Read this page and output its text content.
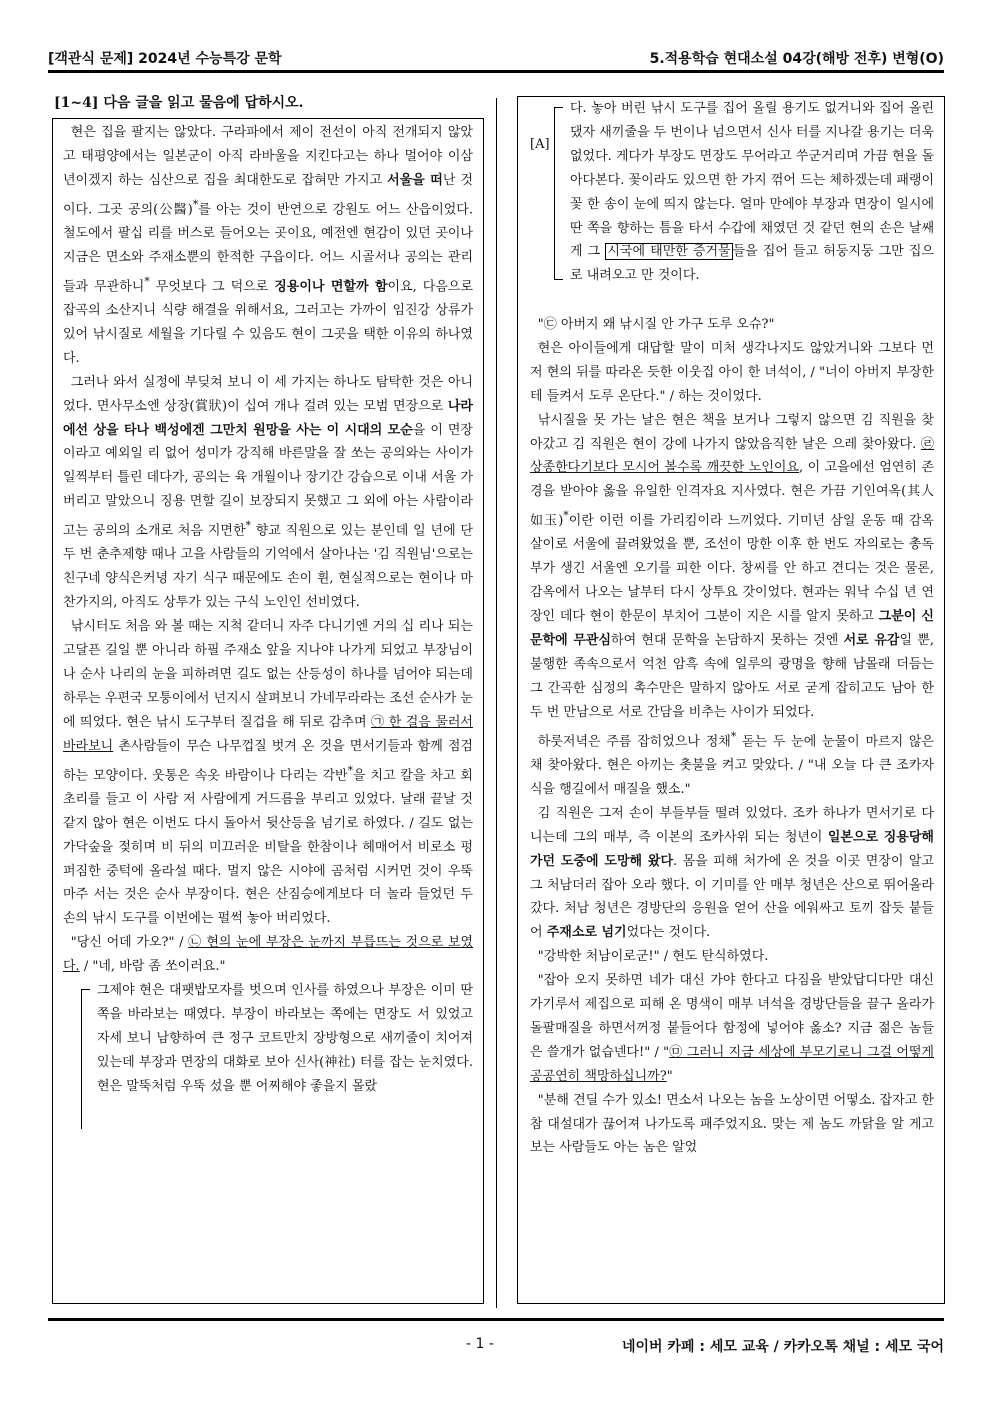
[객관식 문제] 2024년 수능특강 문학	5.적용학습 현대소설 04강(해방 전후) 변형(O)
[1~4] 다음 글을 읽고 물음에 답하시오.

현은 집을 팔지는 않았다. 구라파에서 제이 전선이 아직 전개되지 않았고 태평양에서는 일본군이 아직 라바울을 지킨다고는 하나 멀어야 이삼 년이겠지 하는 심산으로 집을 최대한도로 잡혀만 가지고 서울을 떠난 것이다. 그곳 공의(公醫)*를 아는 것이 반연으로 강원도 어느 산읍이었다. 철도에서 팔십 리를 버스로 들어오는 곳이요, 예전엔 현감이 있던 곳이나 지금은 면소와 주재소뿐의 한적한 구읍이다. 어느 시골서나 공의는 관리들과 무관하니* 무엇보다 그 덕으로 징용이나 면할까 함이요, 다음으로 잡곡의 소산지니 식량 해결을 위해서요, 그러고는 가까이 임진강 상류가 있어 낚시질로 세월을 기다릴 수 있음도 현이 그곳을 택한 이유의 하나였다.

그러나 와서 실정에 부딪쳐 보니 이 세 가지는 하나도 탐탁한 것은 아니었다. 면사무소엔 상장(賞狀)이 십여 개나 걸려 있는 모범 면장으로 나라에선 상을 타나 백성에겐 그만치 원망을 사는 이 시대의 모순을 이 면장이라고 예외일 리 없어 성미가 강직해 바른말을 잘 쏘는 공의와는 사이가 일찍부터 틀린 데다가, 공의는 육 개월이나 장기간 강습으로 이내 서울 가 버리고 말았으니 징용 면할 길이 보장되지 못했고 그 외에 아는 사람이라고는 공의의 소개로 처음 지면한* 향교 직원으로 있는 분인데 일 년에 단 두 번 춘추제향 때나 고을 사람들의 기억에서 살아나는 '김 직원님'으로는 친구네 양식은커녕 자기 식구 때문에도 손이 휜, 현실적으로는 현이나 마찬가지의, 아직도 상투가 있는 구식 노인인 선비였다.

낚시터도 처음 와 볼 때는 지척 같더니 자주 다니기엔 거의 십 리나 되는 고달픈 길일 뿐 아니라 하필 주재소 앞을 지나야 나가게 되었고 부장님이나 순사 나리의 눈을 피하려면 길도 없는 산등성이 하나를 넘어야 되는데 하루는 우편국 모퉁이에서 넌지시 살펴보니 가네무라라는 조선 순사가 눈에 띄었다. 현은 낚시 도구부터 질겁을 해 뒤로 감추며 ㉠ 한 걸음 물러서 바라보니 촌사람들이 무슨 나무껍질 벗겨 온 것을 면서기들과 함께 점검하는 모양이다. 웃통은 속옷 바람이나 다리는 각반*을 치고 칼을 차고 회초리를 들고 이 사람 저 사람에게 거드름을 부리고 있었다. 날래 끝날 것 같지 않아 현은 이번도 다시 돌아서 뒷산등을 넘기로 하였다. / 길도 없는 가닥숲을 젖히며 비 뒤의 미끄러운 비탈을 한참이나 헤매어서 비로소 펑퍼짐한 중턱에 올라설 때다. 멀지 않은 시야에 곰처럼 시커먼 것이 우뚝 마주 서는 것은 순사 부장이다. 현은 산짐승에게보다 더 놀라 들었던 두 손의 낚시 도구를 이번에는 펄썩 놓아 버리었다.

"당신 어데 가오?" / ㉡ 현의 눈에 부장은 눈까지 부릅뜨는 것으로 보였다. / "네, 바람 좀 쏘이러요."

그제야 현은 대팻밥모자를 벗으며 인사를 하였으나 부장은 이미 딴 쪽을 바라보는 때였다. 부장이 바라보는 쪽에는 면장도 서 있었고 자세 보니 남향하여 큰 정구 코트만치 장방형으로 새끼줄이 치어져 있는데 부장과 면장의 대화로 보아 신사(神社) 터를 잡는 눈치였다. 현은 말뚝처럼 우뚝 섰을 뿐 어찌해야 좋을지 몰랐

[A]

다. 놓아 버린 낚시 도구를 집어 올릴 용기도 없거니와 집어 올린댔자 새끼줄을 두 번이나 넘으면서 신사 터를 지나갈 용기는 더욱 없었다. 게다가 부장도 면장도 무어라고 쑤군거리며 가끔 현을 돌아다본다. 꽃이라도 있으면 한 가지 꺾어 드는 체하겠는데 패랭이꽃 한 송이 눈에 띄지 않는다. 얼마 만에야 부장과 면장이 일시에 딴 쪽을 향하는 틈을 타서 수갑에 채였던 것 같던 현의 손은 날쌔게 그 시국에 태만한 증거물 들을 집어 들고 허둥지둥 그만 집으로 내려오고 만 것이다.

"㉢ 아버지 왜 낚시질 안 가구 도루 오슈?"

현은 아이들에게 대답할 말이 미처 생각나지도 않았거니와 그보다 먼저 현의 뒤를 따라온 듯한 이웃집 아이 한 녀석이, / "너이 아버지 부장한테 들켜서 도루 온단다." / 하는 것이었다.

낚시질을 못 가는 날은 현은 책을 보거나 그렇지 않으면 김 직원을 찾아갔고 김 직원은 현이 강에 나가지 않았음직한 날은 으레 찾아왔다. ㉣ 상종한다기보다 모시어 볼수록 깨끗한 노인이요, 이 고을에선 엄연히 존경을 받아야 옳을 유일한 인격자요 지사였다. 현은 가끔 기인여옥(其人如玉)*이란 이런 이를 가리킴이라 느끼었다. 기미년 삼일 운동 때 감옥살이로 서울에 끌려왔었을 뿐, 조선이 망한 이후 한 번도 자의로는 총독부가 생긴 서울엔 오기를 피한 이다. 창씨를 안 하고 견디는 것은 물론, 감옥에서 나오는 날부터 다시 상투요 갓이었다. 현과는 워낙 수십 년 연장인 데다 현이 한문이 부치어 그분이 지은 시를 알지 못하고 그분이 신문학에 무관심하여 현대 문학을 논담하지 못하는 것엔 서로 유감일 뿐, 불행한 족속으로서 억천 암흑 속에 일루의 광명을 향해 남몰래 더듬는 그 간곡한 심정의 촉수만은 말하지 않아도 서로 굳게 잡히고도 남아 한두 번 만남으로 서로 간담을 비추는 사이가 되었다.

하룻저녁은 주름 잡히었으나 정채* 돋는 두 눈에 눈물이 마르지 않은 채 찾아왔다. 현은 아끼는 촛불을 켜고 맞았다. / "내 오늘 다 큰 조카자식을 행길에서 매질을 했소."

김 직원은 그저 손이 부들부들 떨려 있었다. 조카 하나가 면서기로 다니는데 그의 매부, 즉 이본의 조카사위 되는 청년이 일본으로 징용당해 가던 도중에 도망해 왔다. 몸을 피해 처가에 온 것을 이곳 면장이 알고 그 처남더러 잡아 오라 했다. 이 기미를 안 매부 청년은 산으로 뛰어올라 갔다. 처남 청년은 경방단의 응원을 얻어 산을 에워싸고 토끼 잡듯 붙들어 주재소로 넘기었다는 것이다.

"강박한 처남이로군!" / 현도 탄식하였다.

"잡아 오지 못하면 네가 대신 가야 한다고 다짐을 받았답디다만 대신 가기루서 제집으로 피해 온 명색이 매부 녀석을 경방단들을 끌구 올라가 돌팔매질을 하면서꺼정 붙들어다 함정에 넣어야 옳소? 지금 젊은 놈들은 쓸개가 없습넨다!" / "㉤ 그러니 지금 세상에 부모기로니 그걸 어떻게 공공연히 책망하십니까?"

"분해 견딜 수가 있소! 면소서 나오는 놈을 노상이면 어떻소. 잡자고 한참 대설대가 끊어져 나가도록 패주었지요. 맞는 제 놈도 까닭을 알 게고 보는 사람들도 아는 놈은 알었

- 1 -	네이버 카페 : 세모 교육 / 카카오톡 채널 : 세모 국어
